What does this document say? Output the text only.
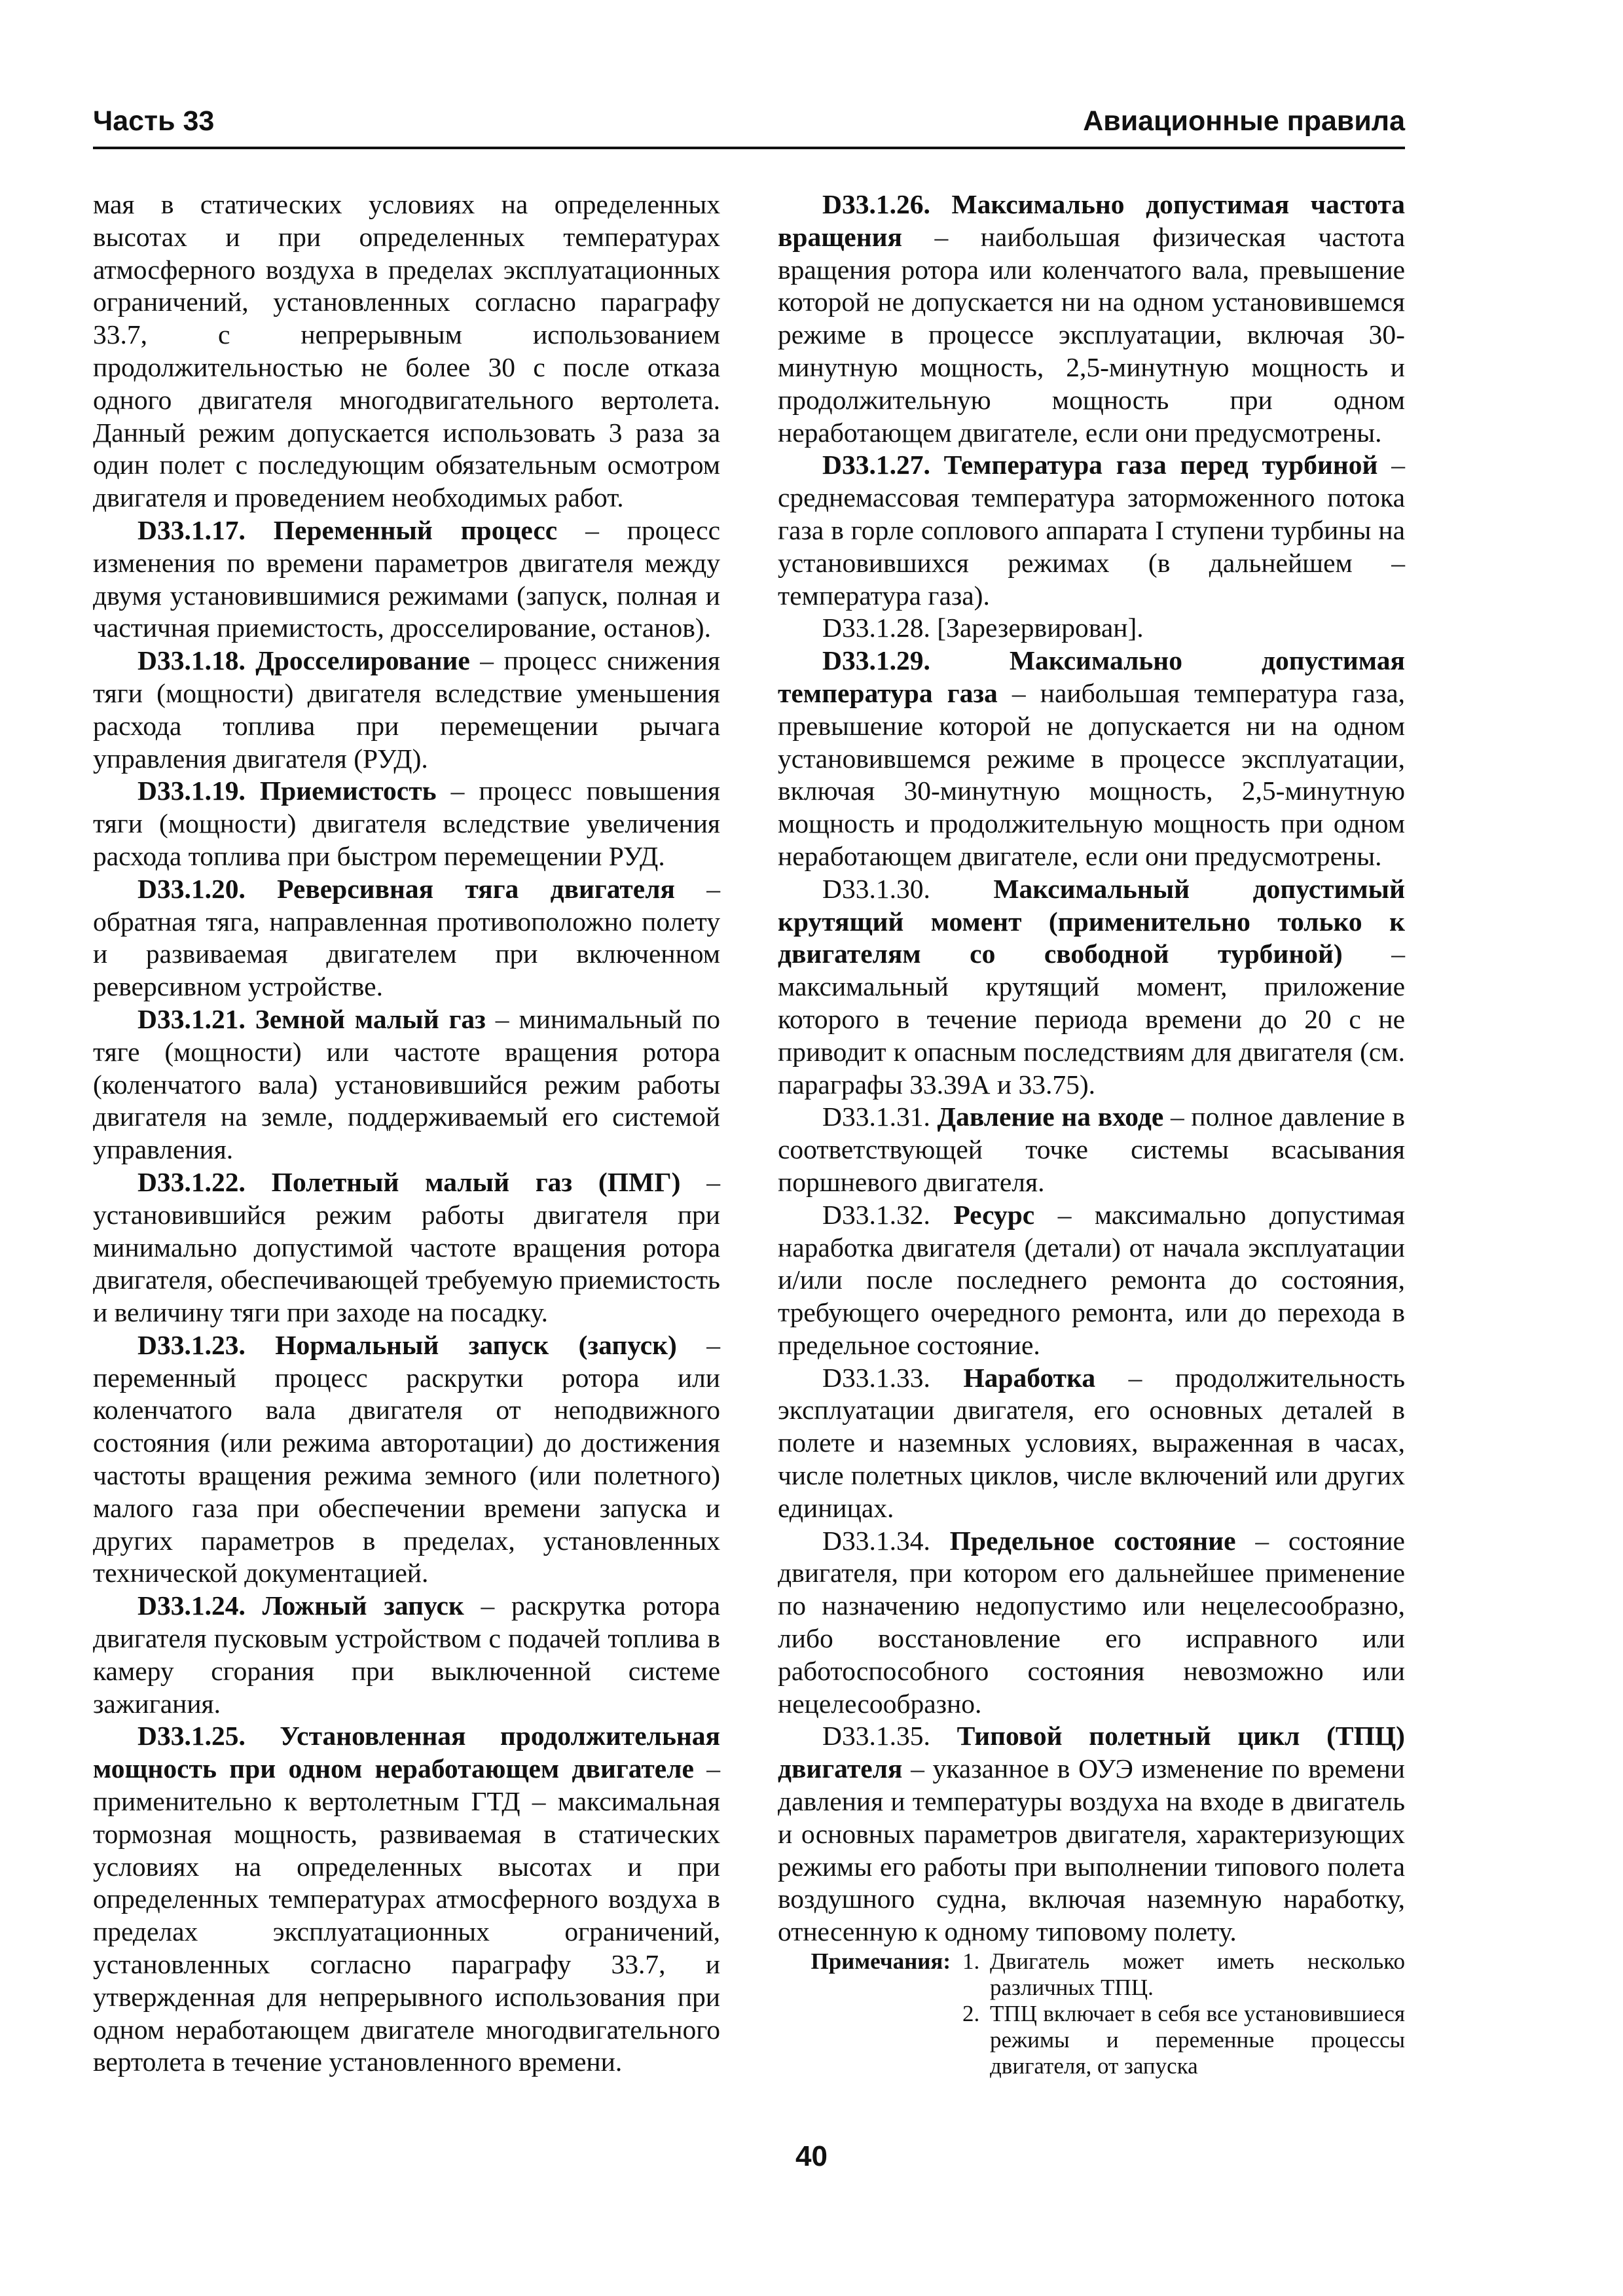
Часть 33	Авиационные правила

мая в статических условиях на определенных высотах и при определенных температурах атмосферного воздуха в пределах эксплуатационных ограничений, установленных согласно параграфу 33.7, с непрерывным использованием продолжительностью не более 30 с после отказа одного двигателя многодвигательного вертолета. Данный режим допускается использовать 3 раза за один полет с последующим обязательным осмотром двигателя и проведением необходимых работ.

D33.1.17. Переменный процесс – процесс изменения по времени параметров двигателя между двумя установившимися режимами (запуск, полная и частичная приемистость, дросселирование, останов).

D33.1.18. Дросселирование – процесс снижения тяги (мощности) двигателя вследствие уменьшения расхода топлива при перемещении рычага управления двигателя (РУД).

D33.1.19. Приемистость – процесс повышения тяги (мощности) двигателя вследствие увеличения расхода топлива при быстром перемещении РУД.

D33.1.20. Реверсивная тяга двигателя – обратная тяга, направленная противоположно полету и развиваемая двигателем при включенном реверсивном устройстве.

D33.1.21. Земной малый газ – минимальный по тяге (мощности) или частоте вращения ротора (коленчатого вала) установившийся режим работы двигателя на земле, поддерживаемый его системой управления.

D33.1.22. Полетный малый газ (ПМГ) – установившийся режим работы двигателя при минимально допустимой частоте вращения ротора двигателя, обеспечивающей требуемую приемистость и величину тяги при заходе на посадку.

D33.1.23. Нормальный запуск (запуск) – переменный процесс раскрутки ротора или коленчатого вала двигателя от неподвижного состояния (или режима авторотации) до достижения частоты вращения режима земного (или полетного) малого газа при обеспечении времени запуска и других параметров в пределах, установленных технической документацией.

D33.1.24. Ложный запуск – раскрутка ротора двигателя пусковым устройством с подачей топлива в камеру сгорания при выключенной системе зажигания.

D33.1.25. Установленная продолжительная мощность при одном неработающем двигателе – применительно к вертолетным ГТД – максимальная тормозная мощность, развиваемая в статических условиях на определенных высотах и при определенных температурах атмосферного воздуха в пределах эксплуатационных ограничений, установленных согласно параграфу 33.7, и утвержденная для непрерывного использования при одном неработающем двигателе многодвигательного вертолета в течение установленного времени.

D33.1.26. Максимально допустимая частота вращения – наибольшая физическая частота вращения ротора или коленчатого вала, превышение которой не допускается ни на одном установившемся режиме в процессе эксплуатации, включая 30-минутную мощность, 2,5-минутную мощность и продолжительную мощность при одном неработающем двигателе, если они предусмотрены.

D33.1.27. Температура газа перед турбиной – среднемассовая температура заторможенного потока газа в горле соплового аппарата I ступени турбины на установившихся режимах (в дальнейшем – температура газа).

D33.1.28. [Зарезервирован].

D33.1.29. Максимально допустимая температура газа – наибольшая температура газа, превышение которой не допускается ни на одном установившемся режиме в процессе эксплуатации, включая 30-минутную мощность, 2,5-минутную мощность и продолжительную мощность при одном неработающем двигателе, если они предусмотрены.

D33.1.30. Максимальный допустимый крутящий момент (применительно только к двигателям со свободной турбиной) – максимальный крутящий момент, приложение которого в течение периода времени до 20 с не приводит к опасным последствиям для двигателя (см. параграфы 33.39А и 33.75).

D33.1.31. Давление на входе – полное давление в соответствующей точке системы всасывания поршневого двигателя.

D33.1.32. Ресурс – максимально допустимая наработка двигателя (детали) от начала эксплуатации и/или после последнего ремонта до состояния, требующего очередного ремонта, или до перехода в предельное состояние.

D33.1.33. Наработка – продолжительность эксплуатации двигателя, его основных деталей в полете и наземных условиях, выраженная в часах, числе полетных циклов, числе включений или других единицах.

D33.1.34. Предельное состояние – состояние двигателя, при котором его дальнейшее применение по назначению недопустимо или нецелесообразно, либо восстановление его исправного или работоспособного состояния невозможно или нецелесообразно.

D33.1.35. Типовой полетный цикл (ТПЦ) двигателя – указанное в ОУЭ изменение по времени давления и температуры воздуха на входе в двигатель и основных параметров двигателя, характеризующих режимы его работы при выполнении типового полета воздушного судна, включая наземную наработку, отнесенную к одному типовому полету.

Примечания: 1. Двигатель может иметь несколько различных ТПЦ.
2. ТПЦ включает в себя все установившиеся режимы и переменные процессы двигателя, от запуска
40
